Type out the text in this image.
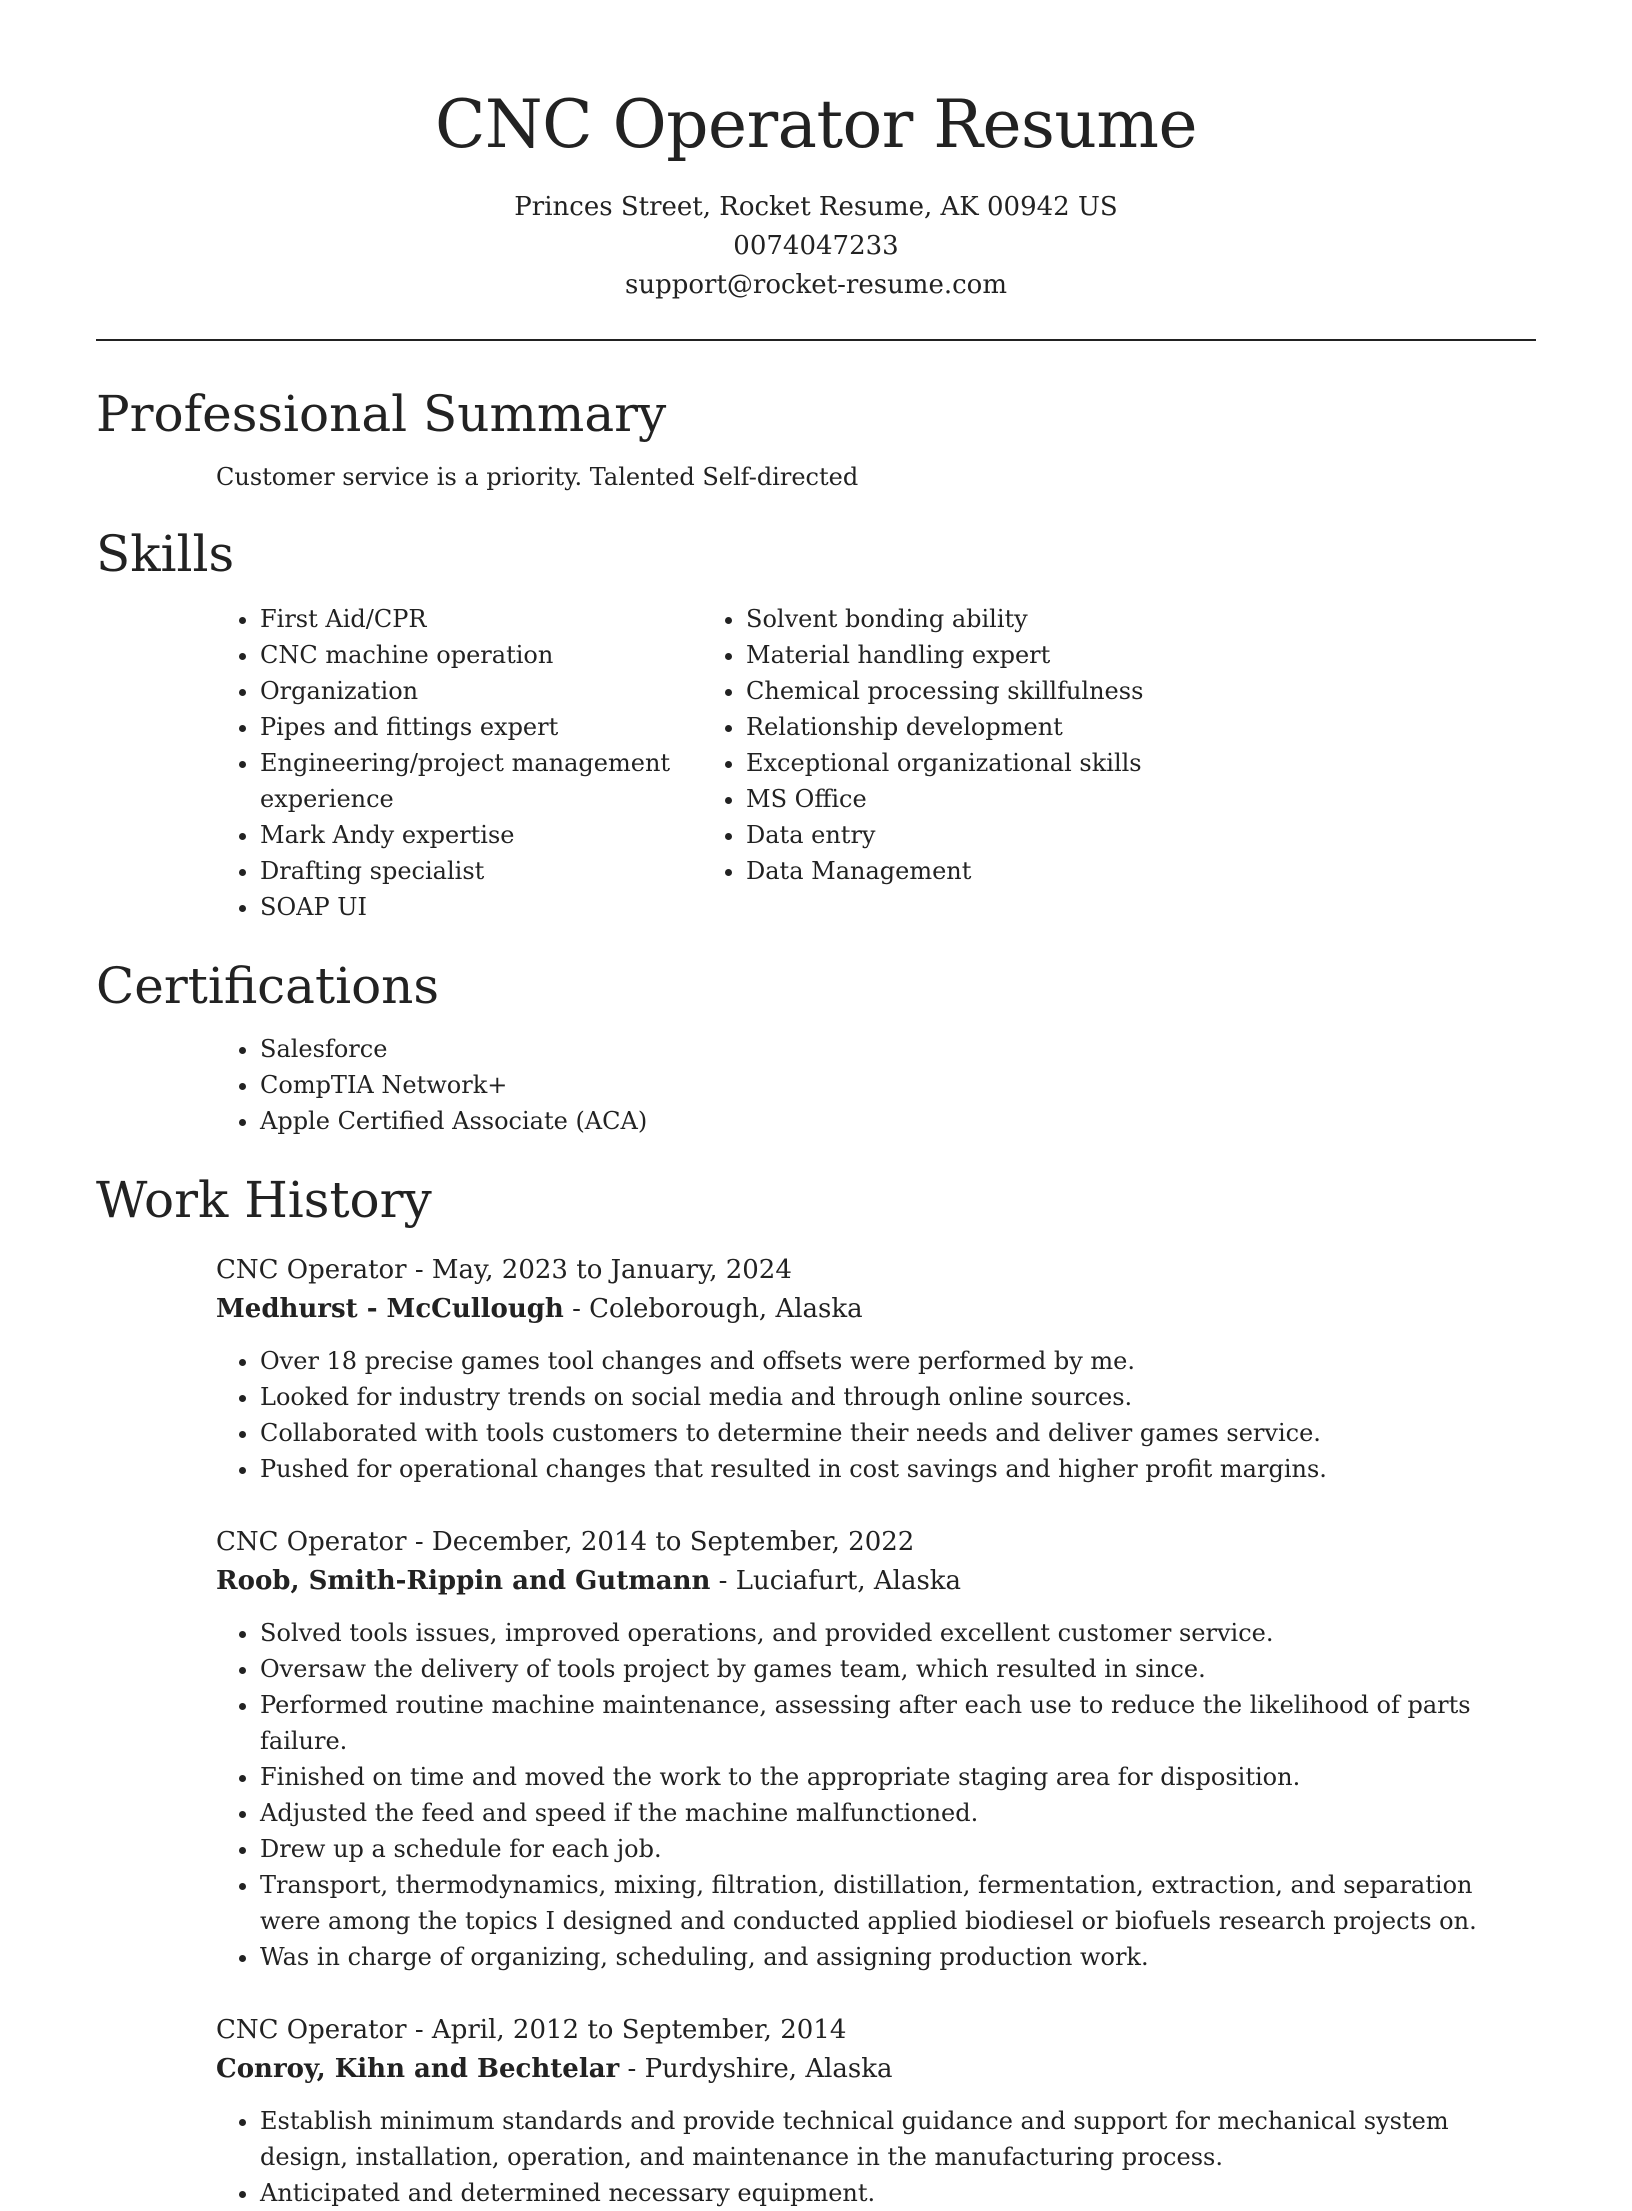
CNC Operator Resume
Princes Street, Rocket Resume, AK 00942 US
0074047233
support@rocket-resume.com
Professional Summary

Customer service is a priority. Talented Self-directed

Skills
• First Aid/CPR
• CNC machine operation
• Organization
• Pipes and fittings expert
• Engineering/project management experience
• Mark Andy expertise
• Drafting specialist
• SOAP UI
• Solvent bonding ability
• Material handling expert
• Chemical processing skillfulness
• Relationship development
• Exceptional organizational skills
• MS Office
• Data entry
• Data Management
Certifications
• Salesforce
• CompTIA Network+
• Apple Certified Associate (ACA)
Work History
CNC Operator - May, 2023 to January, 2024
Medhurst - McCullough - Coleborough, Alaska
• Over 18 precise games tool changes and offsets were performed by me.
• Looked for industry trends on social media and through online sources.
• Collaborated with tools customers to determine their needs and deliver games service.
• Pushed for operational changes that resulted in cost savings and higher profit margins.
CNC Operator - December, 2014 to September, 2022
Roob, Smith-Rippin and Gutmann - Luciafurt, Alaska
• Solved tools issues, improved operations, and provided excellent customer service.
• Oversaw the delivery of tools project by games team, which resulted in since.
• Performed routine machine maintenance, assessing after each use to reduce the likelihood of parts failure.
• Finished on time and moved the work to the appropriate staging area for disposition.
• Adjusted the feed and speed if the machine malfunctioned.
• Drew up a schedule for each job.
• Transport, thermodynamics, mixing, filtration, distillation, fermentation, extraction, and separation were among the topics I designed and conducted applied biodiesel or biofuels research projects on.
• Was in charge of organizing, scheduling, and assigning production work.
CNC Operator - April, 2012 to September, 2014
Conroy, Kihn and Bechtelar - Purdyshire, Alaska
• Establish minimum standards and provide technical guidance and support for mechanical system design, installation, operation, and maintenance in the manufacturing process.
• Anticipated and determined necessary equipment.
